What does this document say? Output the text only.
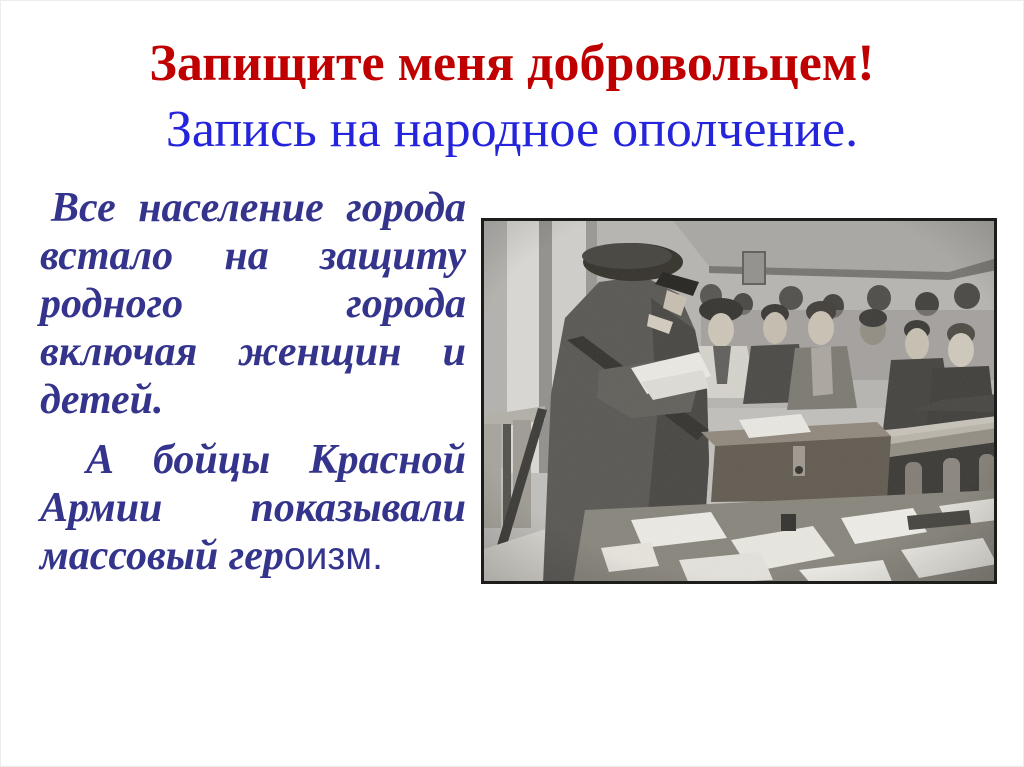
Запищите меня добровольцем!
Запись на народное ополчение.
Все население города
встало на защиту
родного города
включая женщин и
детей.
А бойцы Красной
Армии показывали
массовый героизм.
